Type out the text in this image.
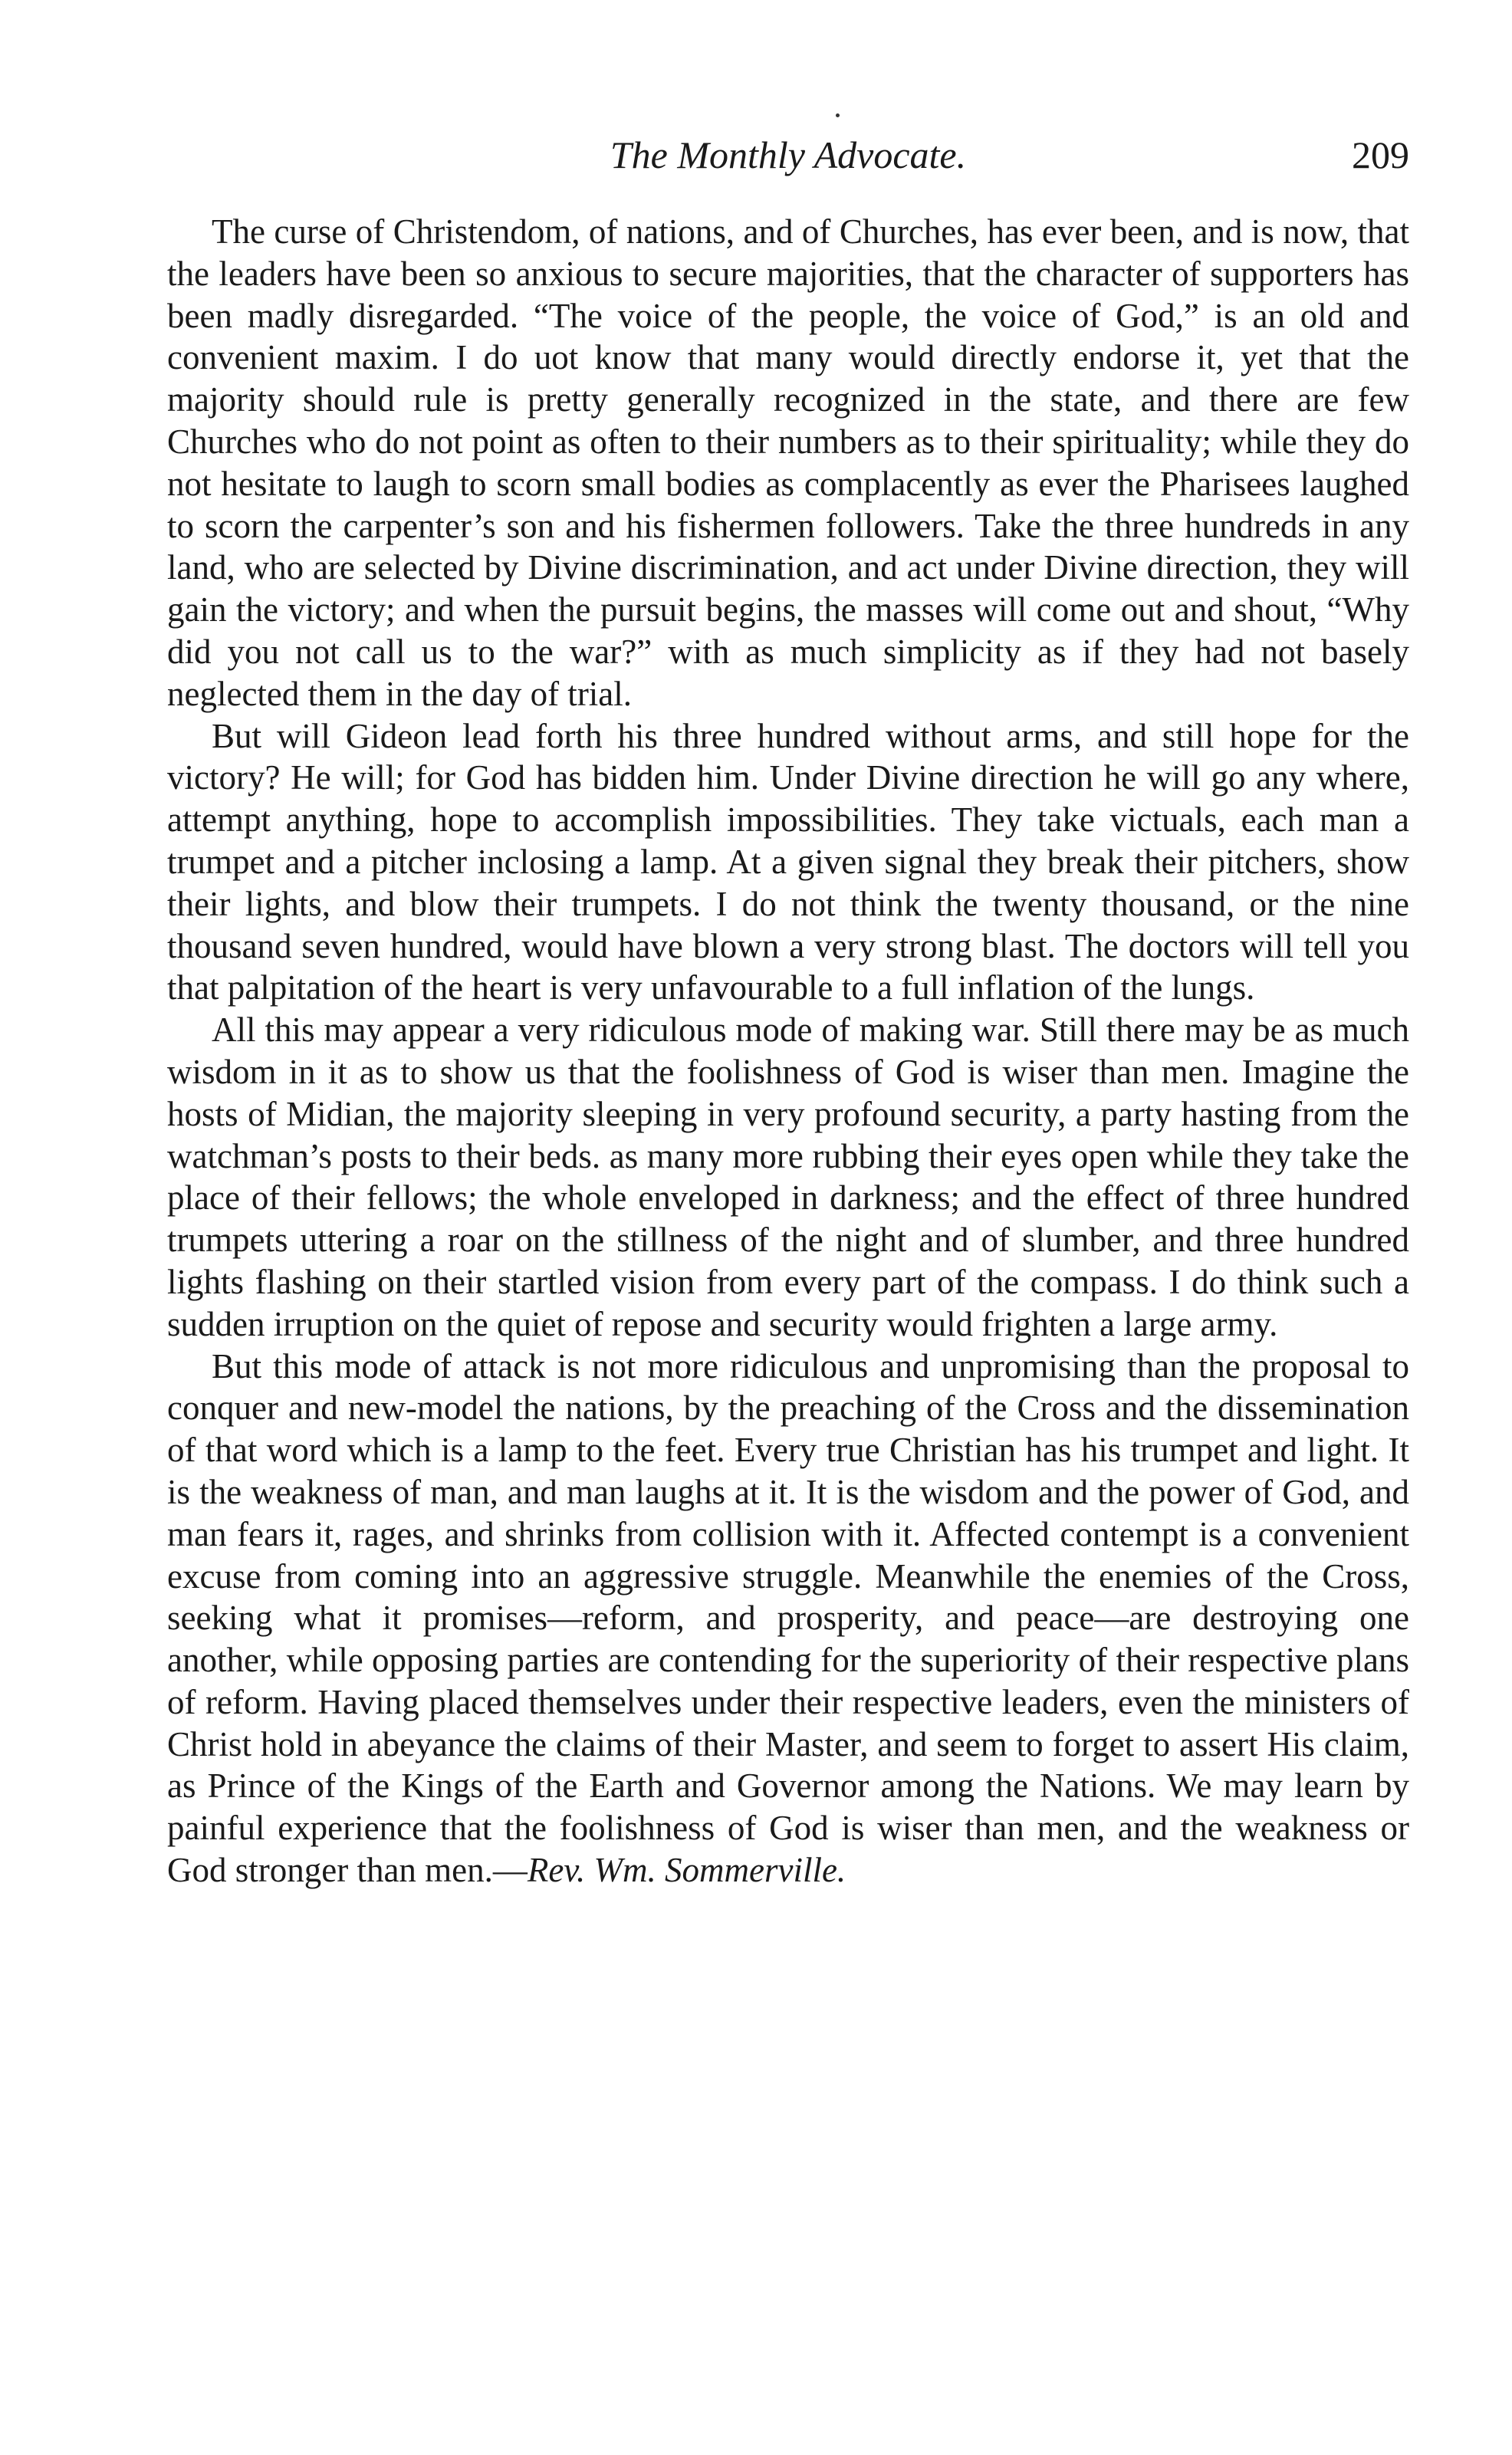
The Monthly Advocate.	209

The curse of Christendom, of nations, and of Churches, has ever been, and is now, that the leaders have been so anxious to secure majorities, that the character of supporters has been madly disregarded. “The voice of the people, the voice of God,” is an old and convenient maxim. I do uot know that many would directly endorse it, yet that the majority should rule is pretty generally recognized in the state, and there are few Churches who do not point as often to their numbers as to their spirituality; while they do not hesitate to laugh to scorn small bodies as complacently as ever the Pharisees laughed to scorn the carpenter’s son and his fishermen followers. Take the three hundreds in any land, who are selected by Divine discrimination, and act under Divine direction, they will gain the victory; and when the pursuit begins, the masses will come out and shout, “Why did you not call us to the war?” with as much simplicity as if they had not basely neglected them in the day of trial.

But will Gideon lead forth his three hundred without arms, and still hope for the victory? He will; for God has bidden him. Under Divine direction he will go any where, attempt anything, hope to accomplish impossibilities. They take victuals, each man a trumpet and a pitcher inclosing a lamp. At a given signal they break their pitchers, show their lights, and blow their trumpets. I do not think the twenty thousand, or the nine thousand seven hundred, would have blown a very strong blast. The doctors will tell you that palpitation of the heart is very unfavourable to a full inflation of the lungs.

All this may appear a very ridiculous mode of making war. Still there may be as much wisdom in it as to show us that the foolishness of God is wiser than men. Imagine the hosts of Midian, the majority sleeping in very profound security, a party hasting from the watchman’s posts to their beds. as many more rubbing their eyes open while they take the place of their fellows; the whole enveloped in darkness; and the effect of three hundred trumpets uttering a roar on the stillness of the night and of slumber, and three hundred lights flashing on their startled vision from every part of the compass. I do think such a sudden irruption on the quiet of repose and security would frighten a large army.

But this mode of attack is not more ridiculous and unpromising than the proposal to conquer and new-model the nations, by the preaching of the Cross and the dissemination of that word which is a lamp to the feet. Every true Christian has his trumpet and light. It is the weakness of man, and man laughs at it. It is the wisdom and the power of God, and man fears it, rages, and shrinks from collision with it. Affected contempt is a convenient excuse from coming into an aggressive struggle. Meanwhile the enemies of the Cross, seeking what it promises—reform, and prosperity, and peace—are destroying one another, while opposing parties are contending for the superiority of their respective plans of reform. Having placed themselves under their respective leaders, even the ministers of Christ hold in abeyance the claims of their Master, and seem to forget to assert His claim, as Prince of the Kings of the Earth and Governor among the Nations. We may learn by painful experience that the foolishness of God is wiser than men, and the weakness or God stronger than men.—Rev. Wm. Sommerville.
